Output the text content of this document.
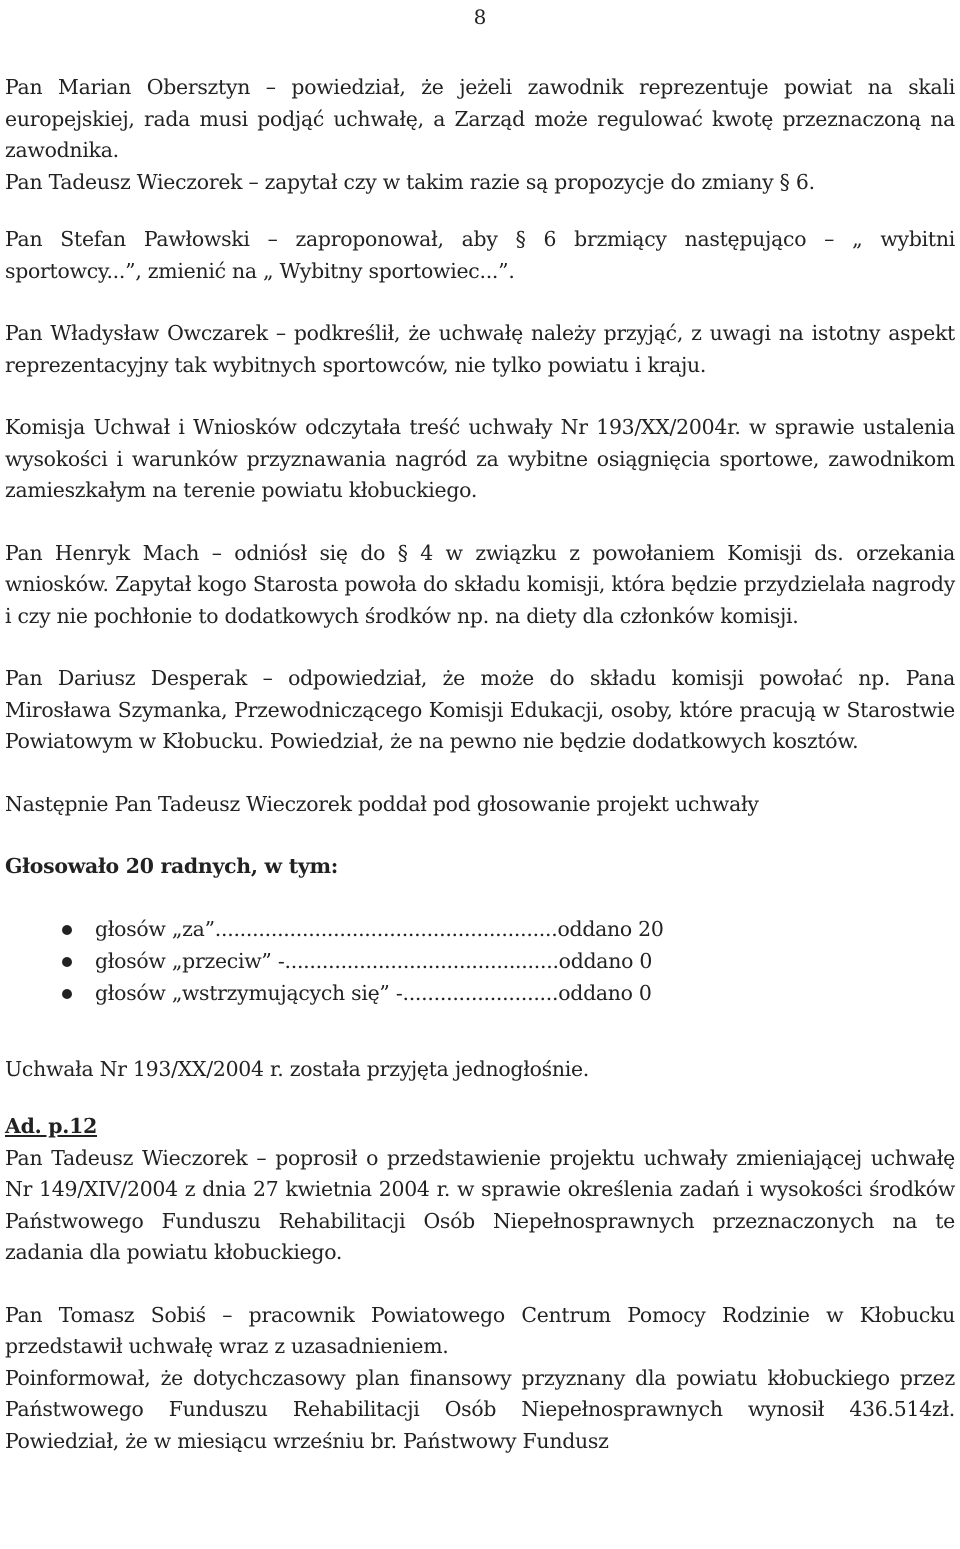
8

Pan Marian Obersztyn – powiedział, że jeżeli zawodnik reprezentuje powiat na skali europejskiej, rada musi podjąć uchwałę, a Zarząd może regulować kwotę przeznaczoną na zawodnika.

Pan Tadeusz Wieczorek – zapytał czy w takim razie są propozycje do zmiany § 6.

Pan Stefan Pawłowski – zaproponował, aby § 6 brzmiący następująco – „ wybitni sportowcy...”, zmienić na „ Wybitny sportowiec...”.

Pan Władysław Owczarek – podkreślił, że uchwałę należy przyjąć, z uwagi na istotny aspekt reprezentacyjny tak wybitnych sportowców, nie tylko powiatu i kraju.

Komisja Uchwał i Wniosków odczytała treść uchwały Nr 193/XX/2004r. w sprawie ustalenia wysokości i warunków przyznawania nagród za wybitne osiągnięcia sportowe, zawodnikom zamieszkałym na terenie powiatu kłobuckiego.

Pan Henryk Mach – odniósł się do § 4 w związku z powołaniem Komisji ds. orzekania wniosków. Zapytał kogo Starosta powoła do składu komisji, która będzie przydzielała nagrody i czy nie pochłonie to dodatkowych środków np. na diety dla członków komisji.

Pan Dariusz Desperak – odpowiedział, że może do składu komisji powołać np. Pana Mirosława Szymanka, Przewodniczącego Komisji Edukacji, osoby, które pracują w Starostwie Powiatowym w Kłobucku. Powiedział, że na pewno nie będzie dodatkowych kosztów.

Następnie Pan Tadeusz Wieczorek poddał pod głosowanie projekt uchwały

Głosowało 20 radnych, w tym:

głosów „za”.......................................................oddano 20
głosów „przeciw” -............................................oddano 0
głosów „wstrzymujących się” -.........................oddano 0

Uchwała Nr 193/XX/2004 r. została przyjęta jednogłośnie.

Ad. p.12

Pan Tadeusz Wieczorek – poprosił o przedstawienie projektu uchwały zmieniającej uchwałę Nr 149/XIV/2004 z dnia 27 kwietnia 2004 r. w sprawie określenia zadań i wysokości środków Państwowego Funduszu Rehabilitacji Osób Niepełnosprawnych przeznaczonych na te zadania dla powiatu kłobuckiego.

Pan Tomasz Sobiś – pracownik Powiatowego Centrum Pomocy Rodzinie w Kłobucku przedstawił uchwałę wraz z uzasadnieniem.

Poinformował, że dotychczasowy plan finansowy przyznany dla powiatu kłobuckiego przez Państwowego Funduszu Rehabilitacji Osób Niepełnosprawnych wynosił 436.514zł. Powiedział, że w miesiącu wrześniu br. Państwowy Fundusz
